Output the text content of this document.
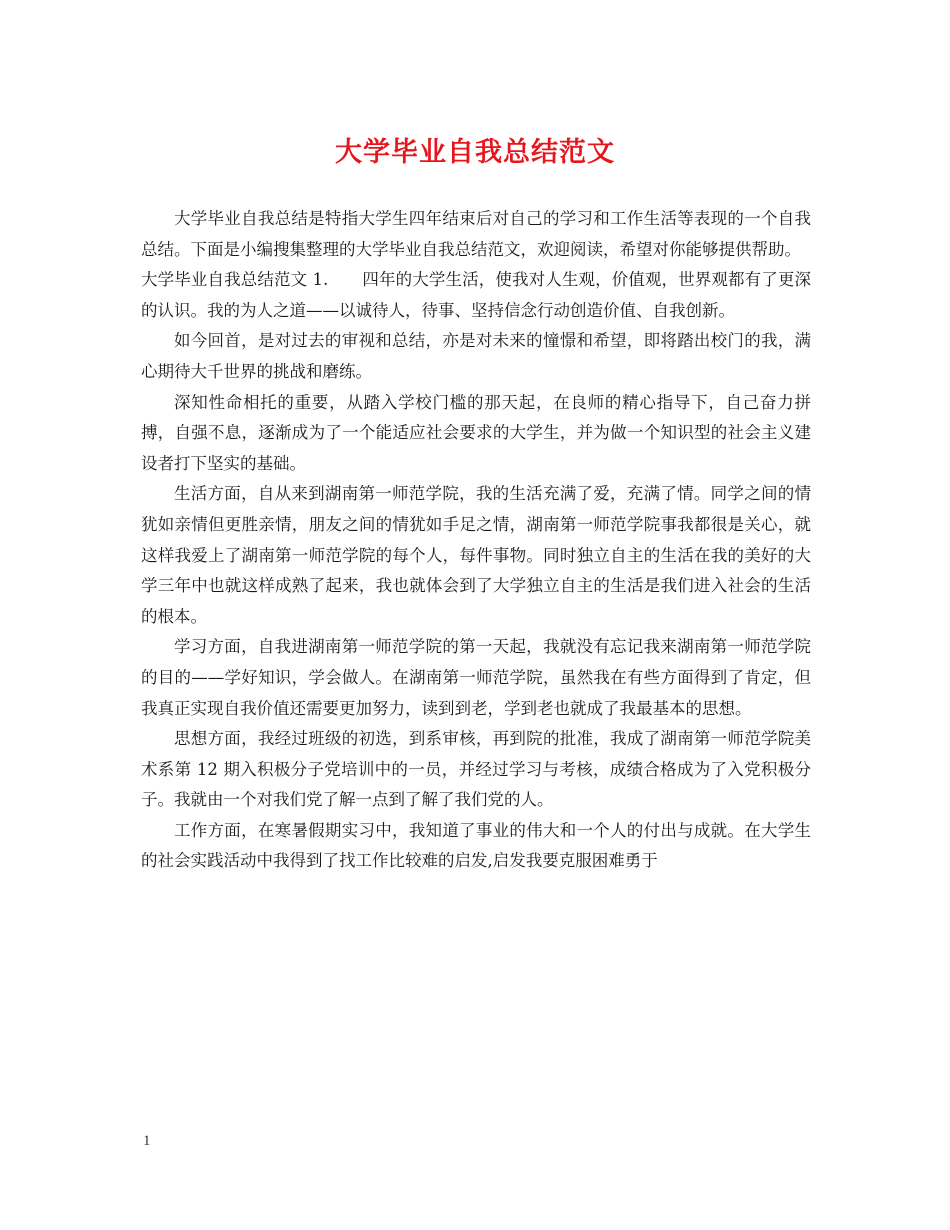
大学毕业自我总结范文

大学毕业自我总结是特指大学生四年结束后对自己的学习和工作生活等表现的一个自我总结。下面是小编搜集整理的大学毕业自我总结范文，欢迎阅读，希望对你能够提供帮助。

大学毕业自我总结范文 1. 四年的大学生活，使我对人生观，价值观，世界观都有了更深的认识。我的为人之道——以诚待人，待事、坚持信念行动创造价值、自我创新。

如今回首，是对过去的审视和总结，亦是对未来的憧憬和希望，即将踏出校门的我，满心期待大千世界的挑战和磨练。

深知性命相托的重要，从踏入学校门槛的那天起，在良师的精心指导下，自己奋力拼搏，自强不息，逐渐成为了一个能适应社会要求的大学生，并为做一个知识型的社会主义建设者打下坚实的基础。

生活方面，自从来到湖南第一师范学院，我的生活充满了爱，充满了情。同学之间的情犹如亲情但更胜亲情，朋友之间的情犹如手足之情，湖南第一师范学院事我都很是关心，就这样我爱上了湖南第一师范学院的每个人，每件事物。同时独立自主的生活在我的美好的大学三年中也就这样成熟了起来，我也就体会到了大学独立自主的生活是我们进入社会的生活的根本。

学习方面，自我进湖南第一师范学院的第一天起，我就没有忘记我来湖南第一师范学院的目的——学好知识，学会做人。在湖南第一师范学院，虽然我在有些方面得到了肯定，但我真正实现自我价值还需要更加努力，读到到老，学到老也就成了我最基本的思想。

思想方面，我经过班级的初选，到系审核，再到院的批准，我成了湖南第一师范学院美术系第 12 期入积极分子党培训中的一员，并经过学习与考核，成绩合格成为了入党积极分子。我就由一个对我们党了解一点到了解了我们党的人。

工作方面，在寒暑假期实习中，我知道了事业的伟大和一个人的付出与成就。在大学生的社会实践活动中我得到了找工作比较难的启发,启发我要克服困难勇于

1
